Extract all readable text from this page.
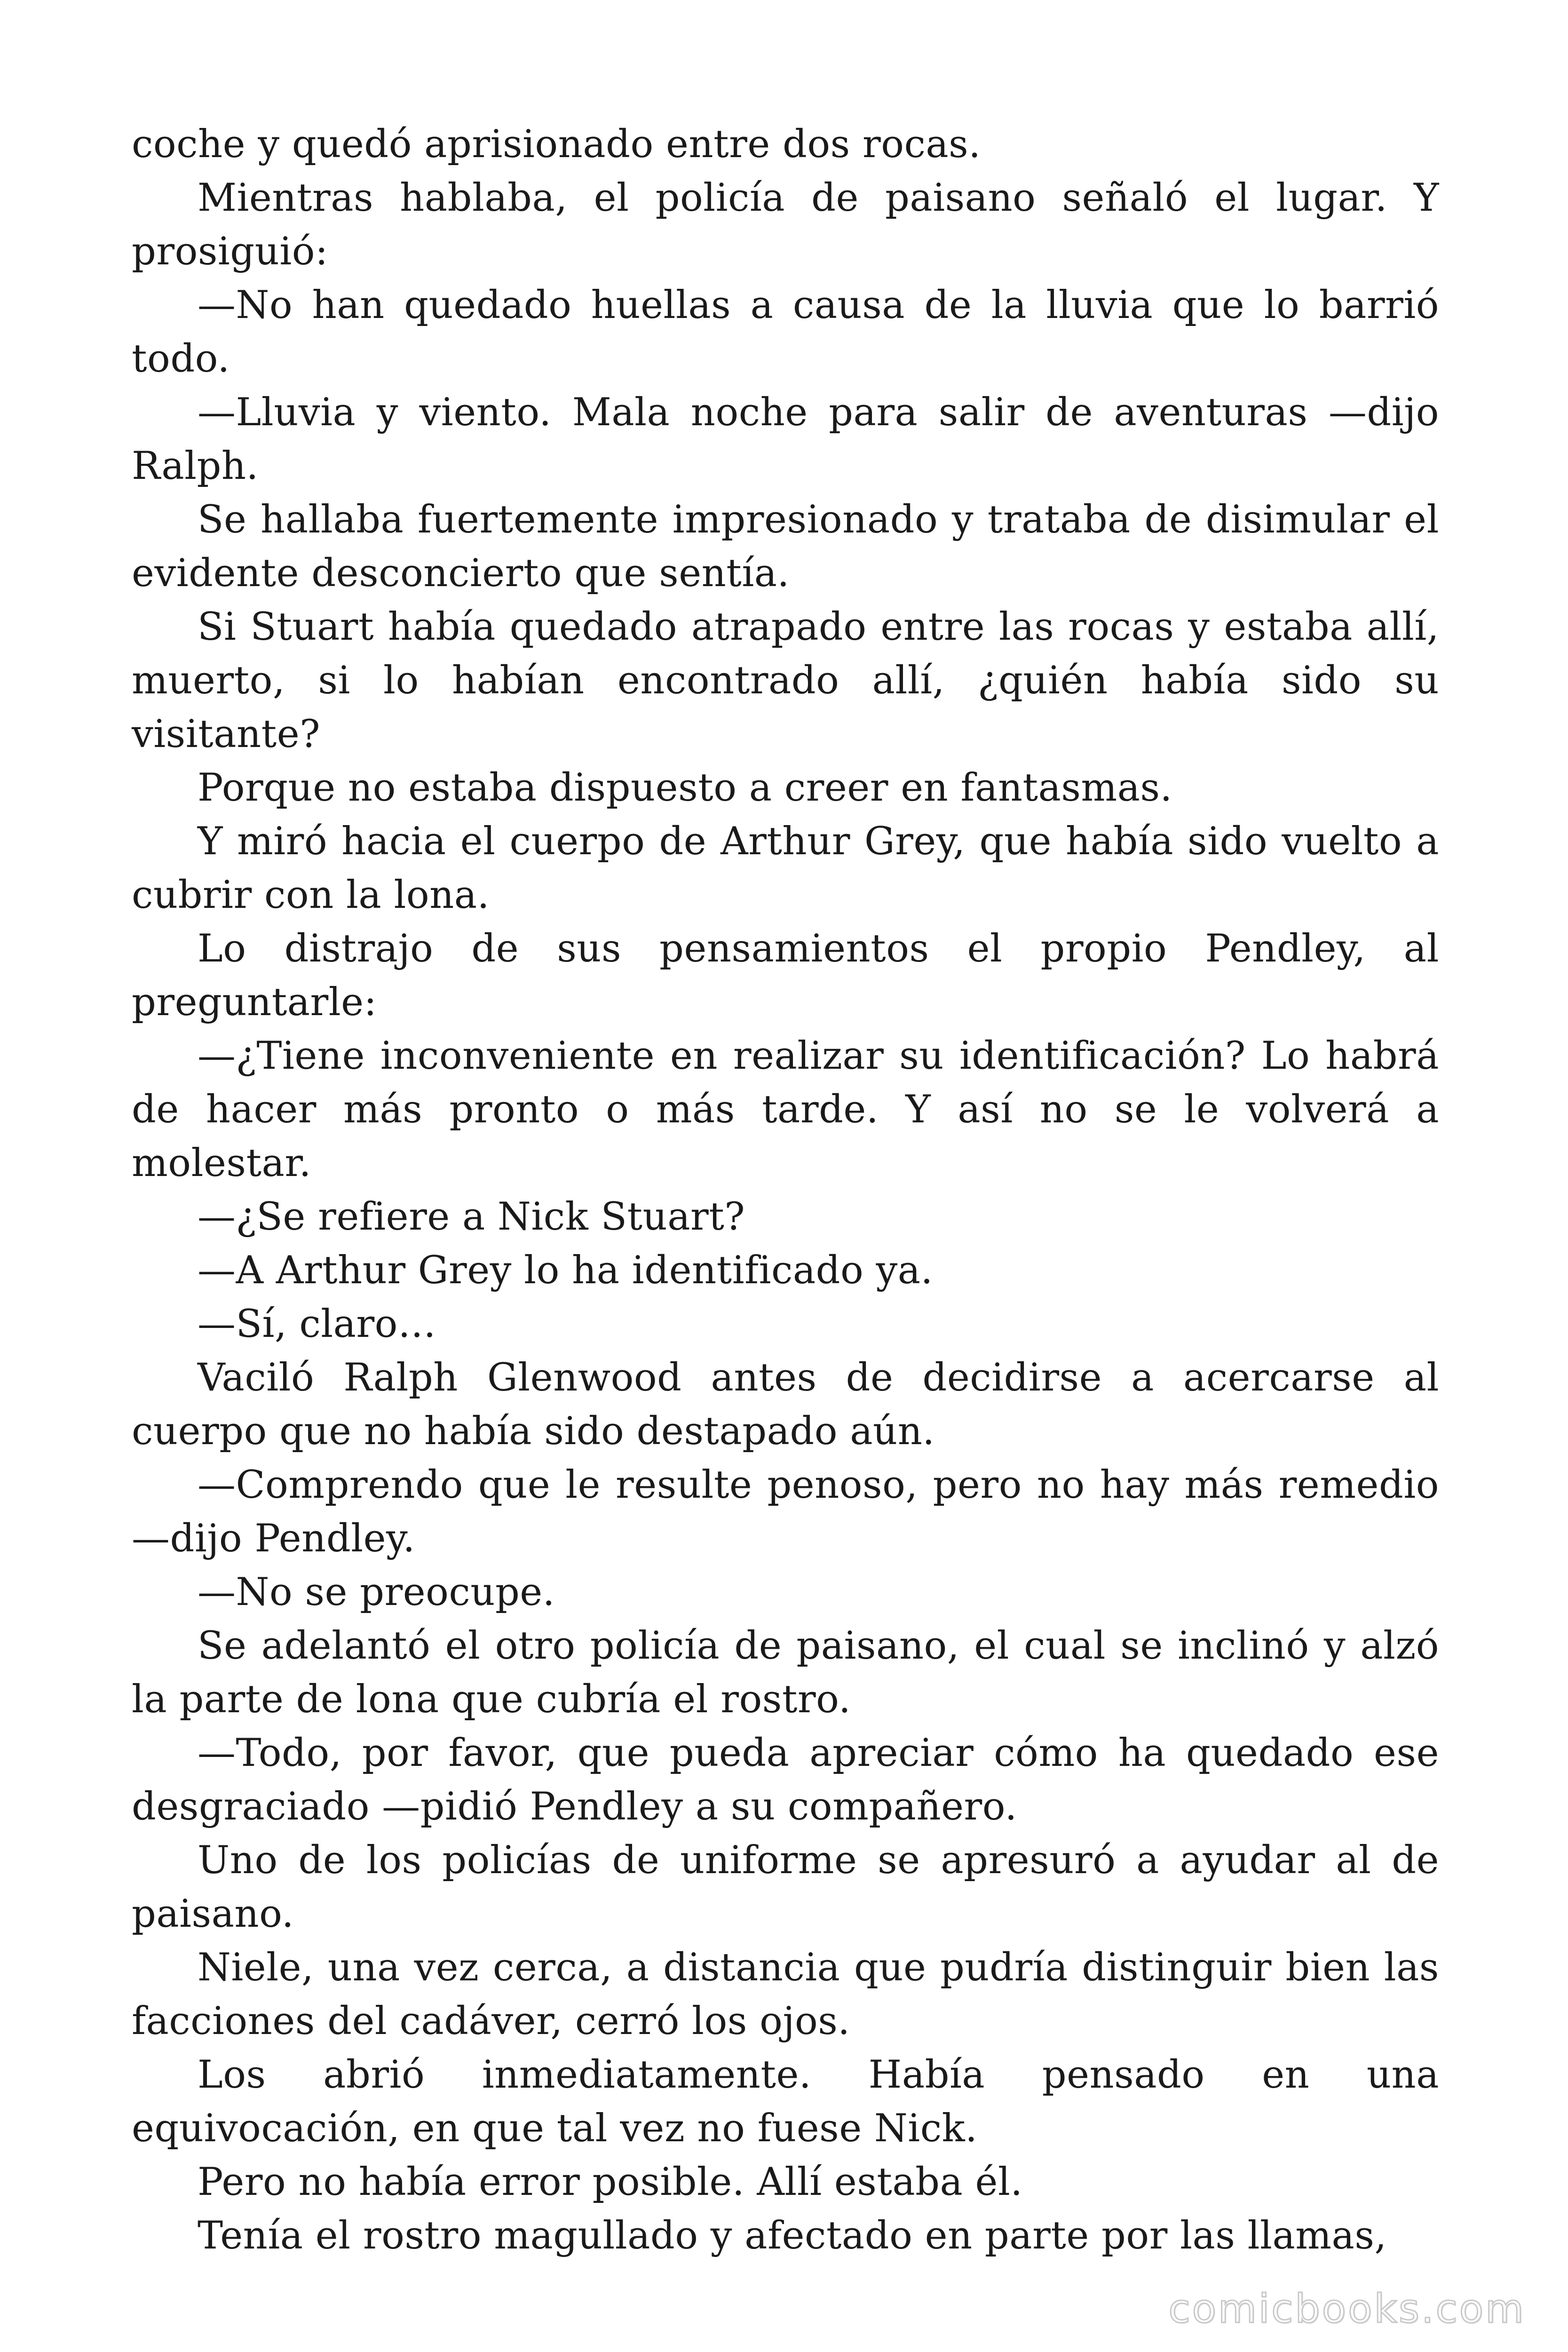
coche y quedó aprisionado entre dos rocas.

Mientras hablaba, el policía de paisano señaló el lugar. Y prosiguió:

—No han quedado huellas a causa de la lluvia que lo barrió todo.

—Lluvia y viento. Mala noche para salir de aventuras —dijo Ralph.

Se hallaba fuertemente impresionado y trataba de disimular el evidente desconcierto que sentía.

Si Stuart había quedado atrapado entre las rocas y estaba allí, muerto, si lo habían encontrado allí, ¿quién había sido su visitante?

Porque no estaba dispuesto a creer en fantasmas.

Y miró hacia el cuerpo de Arthur Grey, que había sido vuelto a cubrir con la lona.

Lo distrajo de sus pensamientos el propio Pendley, al preguntarle:

—¿Tiene inconveniente en realizar su identificación? Lo habrá de hacer más pronto o más tarde. Y así no se le volverá a molestar.

—¿Se refiere a Nick Stuart?

—A Arthur Grey lo ha identificado ya.

—Sí, claro…

Vaciló Ralph Glenwood antes de decidirse a acercarse al cuerpo que no había sido destapado aún.

—Comprendo que le resulte penoso, pero no hay más remedio —dijo Pendley.

—No se preocupe.

Se adelantó el otro policía de paisano, el cual se inclinó y alzó la parte de lona que cubría el rostro.

—Todo, por favor, que pueda apreciar cómo ha quedado ese desgraciado —pidió Pendley a su compañero.

Uno de los policías de uniforme se apresuró a ayudar al de paisano.

Niele, una vez cerca, a distancia que pudría distinguir bien las facciones del cadáver, cerró los ojos.

Los abrió inmediatamente. Había pensado en una equivocación, en que tal vez no fuese Nick.

Pero no había error posible. Allí estaba él.

Tenía el rostro magullado y afectado en parte por las llamas,

comicbooks.com
